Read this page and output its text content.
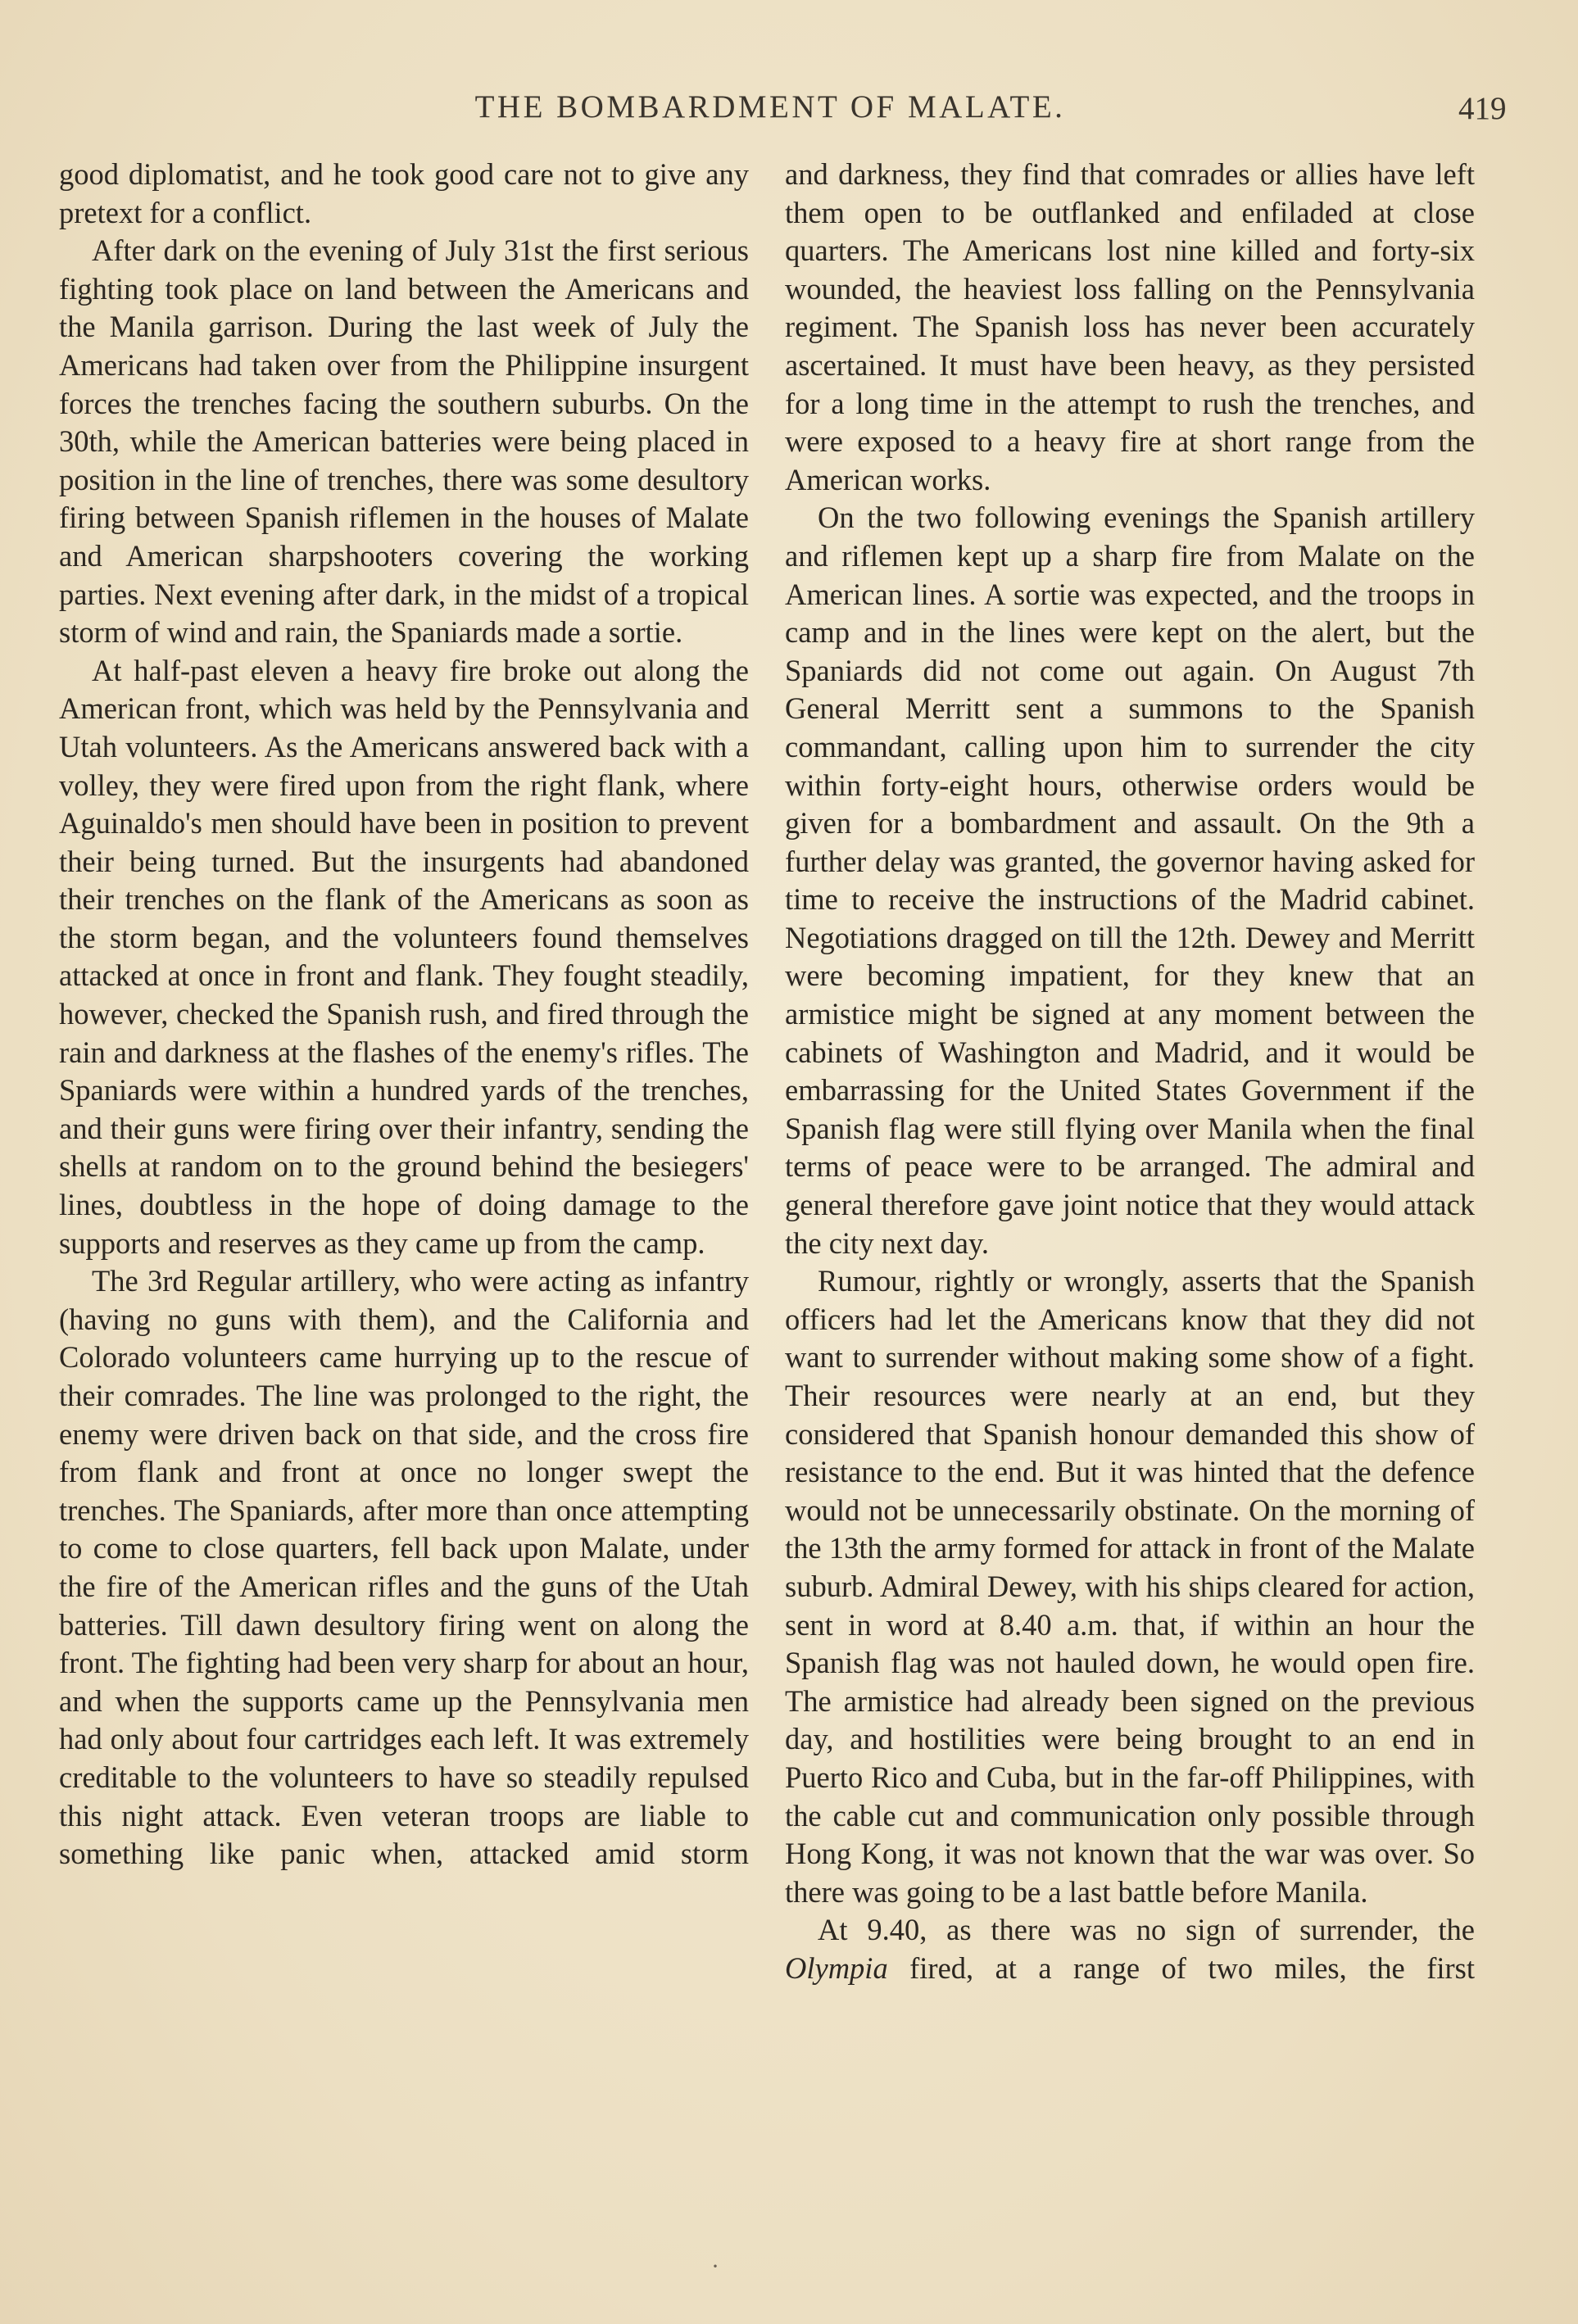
THE BOMBARDMENT OF MALATE.	419

good diplomatist, and he took good care not to give any pretext for a conflict.

After dark on the evening of July 31st the first serious fighting took place on land between the Americans and the Manila garrison. During the last week of July the Americans had taken over from the Philippine insurgent forces the trenches facing the southern suburbs. On the 30th, while the American batteries were being placed in position in the line of trenches, there was some desultory firing between Spanish riflemen in the houses of Malate and American sharpshooters covering the working parties. Next evening after dark, in the midst of a tropical storm of wind and rain, the Spaniards made a sortie.

At half-past eleven a heavy fire broke out along the American front, which was held by the Pennsylvania and Utah volunteers. As the Americans answered back with a volley, they were fired upon from the right flank, where Aguinaldo's men should have been in position to prevent their being turned. But the insurgents had abandoned their trenches on the flank of the Americans as soon as the storm began, and the volunteers found themselves attacked at once in front and flank. They fought steadily, however, checked the Spanish rush, and fired through the rain and darkness at the flashes of the enemy's rifles. The Spaniards were within a hundred yards of the trenches, and their guns were firing over their infantry, sending the shells at random on to the ground behind the besiegers' lines, doubtless in the hope of doing damage to the supports and reserves as they came up from the camp.

The 3rd Regular artillery, who were acting as infantry (having no guns with them), and the California and Colorado volunteers came hurrying up to the rescue of their comrades. The line was prolonged to the right, the enemy were driven back on that side, and the cross fire from flank and front at once no longer swept the trenches. The Spaniards, after more than once attempting to come to close quarters, fell back upon Malate, under the fire of the American rifles and the guns of the Utah batteries. Till dawn desultory firing went on along the front. The fighting had been very sharp for about an hour, and when the supports came up the Pennsylvania men had only about four cartridges each left. It was extremely creditable to the volunteers to have so steadily repulsed this night attack. Even veteran troops are liable to something like panic when, attacked amid storm

and darkness, they find that comrades or allies have left them open to be outflanked and enfiladed at close quarters. The Americans lost nine killed and forty-six wounded, the heaviest loss falling on the Pennsylvania regiment. The Spanish loss has never been accurately ascertained. It must have been heavy, as they persisted for a long time in the attempt to rush the trenches, and were exposed to a heavy fire at short range from the American works.

On the two following evenings the Spanish artillery and riflemen kept up a sharp fire from Malate on the American lines. A sortie was expected, and the troops in camp and in the lines were kept on the alert, but the Spaniards did not come out again. On August 7th General Merritt sent a summons to the Spanish commandant, calling upon him to surrender the city within forty-eight hours, otherwise orders would be given for a bombardment and assault. On the 9th a further delay was granted, the governor having asked for time to receive the instructions of the Madrid cabinet. Negotiations dragged on till the 12th. Dewey and Merritt were becoming impatient, for they knew that an armistice might be signed at any moment between the cabinets of Washington and Madrid, and it would be embarrassing for the United States Government if the Spanish flag were still flying over Manila when the final terms of peace were to be arranged. The admiral and general therefore gave joint notice that they would attack the city next day.

Rumour, rightly or wrongly, asserts that the Spanish officers had let the Americans know that they did not want to surrender without making some show of a fight. Their resources were nearly at an end, but they considered that Spanish honour demanded this show of resistance to the end. But it was hinted that the defence would not be unnecessarily obstinate. On the morning of the 13th the army formed for attack in front of the Malate suburb. Admiral Dewey, with his ships cleared for action, sent in word at 8.40 a.m. that, if within an hour the Spanish flag was not hauled down, he would open fire. The armistice had already been signed on the previous day, and hostilities were being brought to an end in Puerto Rico and Cuba, but in the far-off Philippines, with the cable cut and communication only possible through Hong Kong, it was not known that the war was over. So there was going to be a last battle before Manila.

At 9.40, as there was no sign of surrender, the Olympia fired, at a range of two miles, the first

·
